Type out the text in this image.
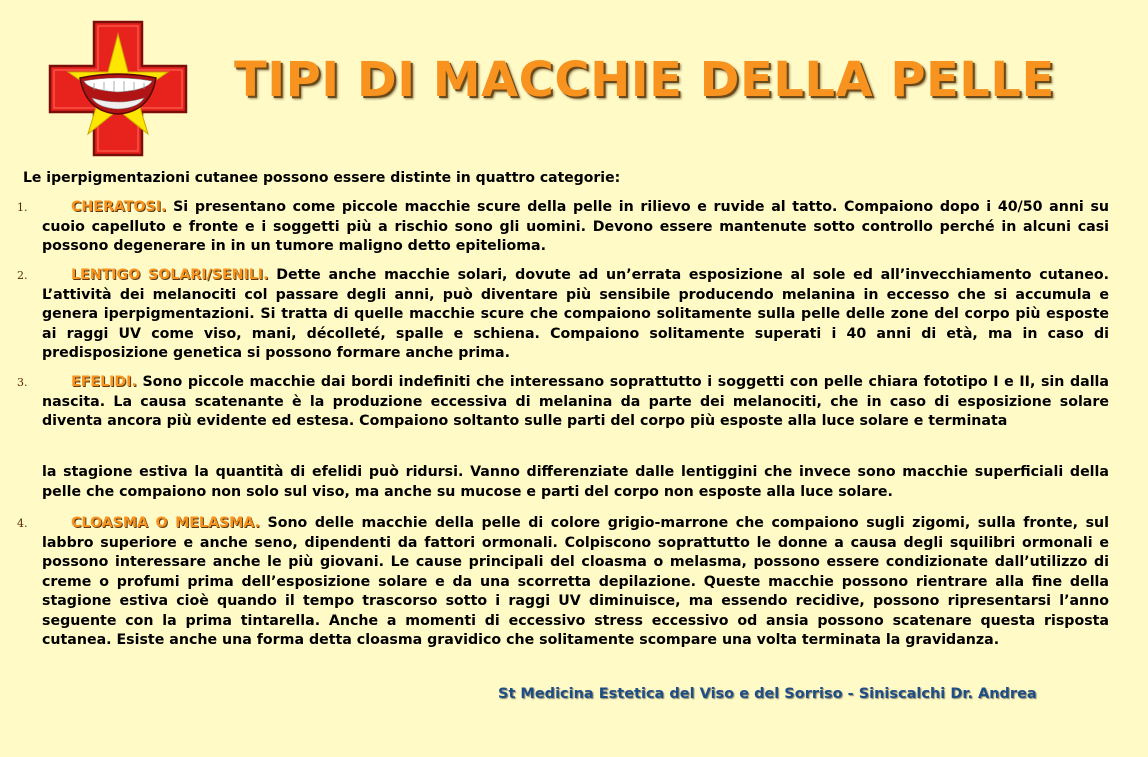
TIPI DI MACCHIE DELLA PELLE
Le iperpigmentazioni cutanee possono essere distinte in quattro categorie:
1.	CHERATOSI. Si presentano come piccole macchie scure della pelle in rilievo e ruvide al tatto. Compaiono dopo i 40/50 anni su cuoio capelluto e fronte e i soggetti più a rischio sono gli uomini. Devono essere mantenute sotto controllo perché in alcuni casi possono degenerare in in un tumore maligno detto epitelioma.
2.	LENTIGO SOLARI/SENILI. Dette anche macchie solari, dovute ad un’errata esposizione al sole ed all’invecchiamento cutaneo. L’attività dei melanociti col passare degli anni, può diventare più sensibile producendo melanina in eccesso che si accumula e genera iperpigmentazioni. Si tratta di quelle macchie scure che compaiono solitamente sulla pelle delle zone del corpo più esposte ai raggi UV come viso, mani, décolleté, spalle e schiena. Compaiono solitamente superati i 40 anni di età, ma in caso di predisposizione genetica si possono formare anche prima.
3.	EFELIDI. Sono piccole macchie dai bordi indefiniti che interessano soprattutto i soggetti con pelle chiara fototipo I e II, sin dalla nascita. La causa scatenante è la produzione eccessiva di melanina da parte dei melanociti, che in caso di esposizione solare diventa ancora più evidente ed estesa. Compaiono soltanto sulle parti del corpo più esposte alla luce solare e terminata
la stagione estiva la quantità di efelidi può ridursi. Vanno differenziate dalle lentiggini che invece sono macchie superficiali della pelle che compaiono non solo sul viso, ma anche su mucose e parti del corpo non esposte alla luce solare.
4.	CLOASMA O MELASMA. Sono delle macchie della pelle di colore grigio-marrone che compaiono sugli zigomi, sulla fronte, sul labbro superiore e anche seno, dipendenti da fattori ormonali. Colpiscono soprattutto le donne a causa degli squilibri ormonali e possono interessare anche le più giovani. Le cause principali del cloasma o melasma, possono essere condizionate dall’utilizzo di creme o profumi prima dell’esposizione solare e da una scorretta depilazione. Queste macchie possono rientrare alla fine della stagione estiva cioè quando il tempo trascorso sotto i raggi UV diminuisce, ma essendo recidive, possono ripresentarsi l’anno seguente con la prima tintarella. Anche a momenti di eccessivo stress eccessivo od ansia possono scatenare questa risposta cutanea. Esiste anche una forma detta cloasma gravidico che solitamente scompare una volta terminata la gravidanza.
St Medicina Estetica del Viso e del Sorriso - Siniscalchi Dr. Andrea
